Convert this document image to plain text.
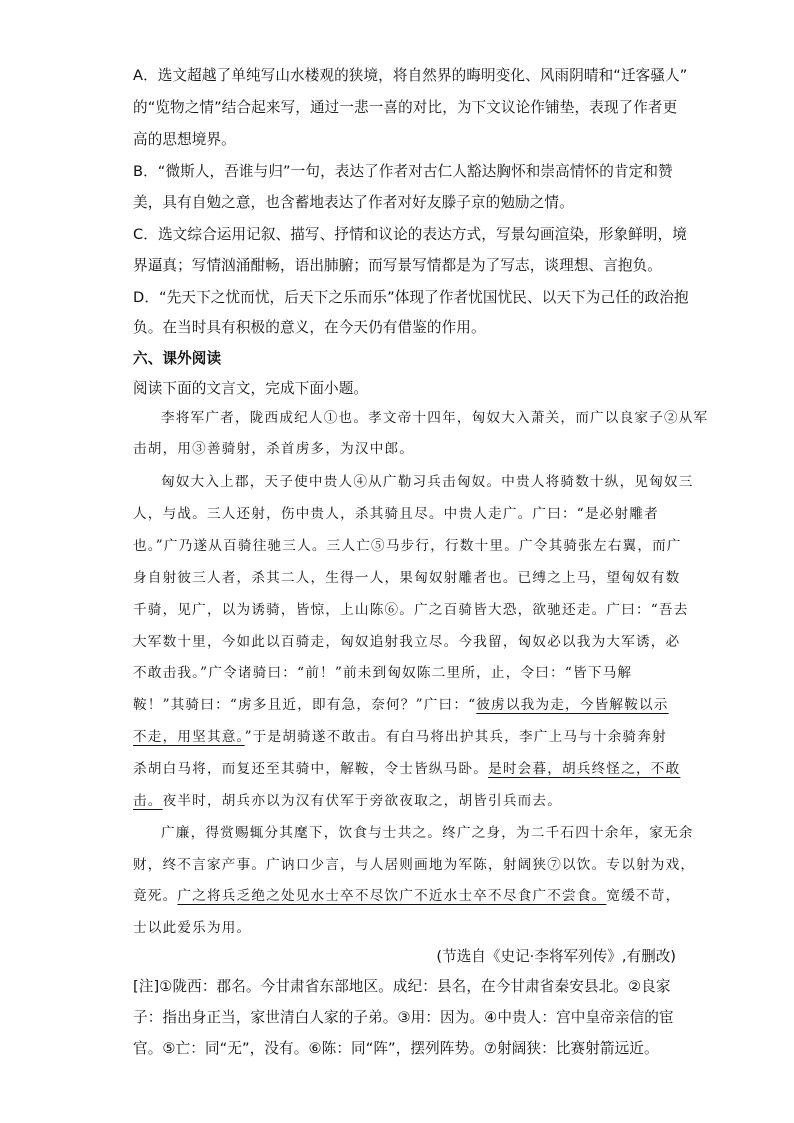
A．选文超越了单纯写山水楼观的狭境，将自然界的晦明变化、风雨阴晴和“迁客骚人”
的“览物之情”结合起来写，通过一悲一喜的对比，为下文议论作铺垫，表现了作者更
高的思想境界。
B．“微斯人，吾谁与归”一句，表达了作者对古仁人豁达胸怀和崇高情怀的肯定和赞
美，具有自勉之意，也含蓄地表达了作者对好友滕子京的勉励之情。
C．选文综合运用记叙、描写、抒情和议论的表达方式，写景勾画渲染，形象鲜明，境
界逼真；写情汹涌酣畅，语出肺腑；而写景写情都是为了写志，谈理想、言抱负。
D．“先天下之忧而忧，后天下之乐而乐”体现了作者忧国忧民、以天下为己任的政治抱
负。在当时具有积极的意义，在今天仍有借鉴的作用。
六、课外阅读
阅读下面的文言文，完成下面小题。
李将军广者，陇西成纪人①也。孝文帝十四年，匈奴大入萧关，而广以良家子②从军
击胡，用③善骑射，杀首虏多，为汉中郎。
匈奴大入上郡，天子使中贵人④从广勒习兵击匈奴。中贵人将骑数十纵，见匈奴三
人，与战。三人还射，伤中贵人，杀其骑且尽。中贵人走广。广曰：“是必射雕者
也。”广乃遂从百骑往驰三人。三人亡⑤马步行，行数十里。广令其骑张左右翼，而广
身自射彼三人者，杀其二人，生得一人，果匈奴射雕者也。已缚之上马，望匈奴有数
千骑，见广，以为诱骑，皆惊，上山陈⑥。广之百骑皆大恐，欲驰还走。广曰：“吾去
大军数十里，今如此以百骑走，匈奴追射我立尽。今我留，匈奴必以我为大军诱，必
不敢击我。”广令诸骑曰：“前！”前未到匈奴陈二里所，止，令曰：“皆下马解
鞍！”其骑曰：“虏多且近，即有急，奈何？”广曰：“彼虏以我为走，今皆解鞍以示
不走，用坚其意。”于是胡骑遂不敢击。有白马将出护其兵，李广上马与十余骑奔射
杀胡白马将，而复还至其骑中，解鞍，令士皆纵马卧。是时会暮，胡兵终怪之，不敢
击。夜半时，胡兵亦以为汉有伏军于旁欲夜取之，胡皆引兵而去。
广廉，得赏赐辄分其麾下，饮食与士共之。终广之身，为二千石四十余年，家无余
财，终不言家产事。广讷口少言，与人居则画地为军陈，射阔狭⑦以饮。专以射为戏，
竟死。广之将兵乏绝之处见水士卒不尽饮广不近水士卒不尽食广不尝食。宽缓不苛，
士以此爱乐为用。
(节选自《史记·李将军列传》,有删改)
[注]①陇西：郡名。今甘肃省东部地区。成纪：县名，在今甘肃省秦安县北。②良家
子：指出身正当，家世清白人家的子弟。③用：因为。④中贵人：宫中皇帝亲信的宦
官。⑤亡：同“无”，没有。⑥陈：同“阵”，摆列阵势。⑦射阔狭：比赛射箭远近。
